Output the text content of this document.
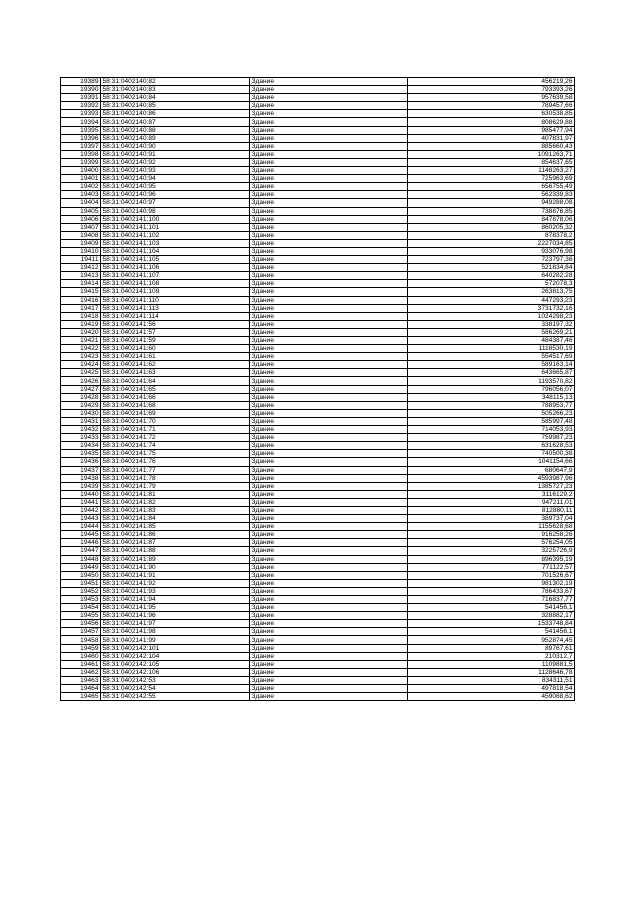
19389	58:31:0402140:82	Здание	456219,26
19390	58:31:0402140:83	Здание	793393,26
19391	58:31:0402140:84	Здание	957639,58
19392	58:31:0402140:85	Здание	789457,66
19393	58:31:0402140:86	Здание	630538,85
19394	58:31:0402140:87	Здание	808629,88
19395	58:31:0402140:88	Здание	985477,94
19396	58:31:0402140:89	Здание	407831,97
19397	58:31:0402140:90	Здание	885660,43
19398	58:31:0402140:91	Здание	1091263,71
19399	58:31:0402140:92	Здание	854637,65
19400	58:31:0402140:93	Здание	1148263,27
19401	58:31:0402140:94	Здание	725963,69
19402	58:31:0402140:95	Здание	656755,49
19403	58:31:0402140:96	Здание	562339,83
19404	58:31:0402140:97	Здание	949288,08
19405	58:31:0402140:98	Здание	738876,85
19406	58:31:0402141:100	Здание	847878,06
19407	58:31:0402141:101	Здание	860205,32
19408	58:31:0402141:102	Здание	878378,2
19409	58:31:0402141:103	Здание	2227034,85
19410	58:31:0402141:104	Здание	933076,98
19411	58:31:0402141:105	Здание	723797,36
19412	58:31:0402141:106	Здание	521834,84
19413	58:31:0402141:107	Здание	640282,28
19414	58:31:0402141:108	Здание	572078,3
19415	58:31:0402141:109	Здание	263813,75
19416	58:31:0402141:110	Здание	447293,23
19417	58:31:0402141:113	Здание	3731732,16
19418	58:31:0402141:114	Здание	1024298,23
19419	58:31:0402141:56	Здание	338197,32
19420	58:31:0402141:57	Здание	586269,21
19421	58:31:0402141:59	Здание	484387,46
19422	58:31:0402141:60	Здание	1118530,19
19423	58:31:0402141:61	Здание	554517,69
19424	58:31:0402141:62	Здание	589163,14
19425	58:31:0402141:63	Здание	643665,87
19426	58:31:0402141:64	Здание	1193570,82
19427	58:31:0402141:65	Здание	796056,07
19428	58:31:0402141:66	Здание	348115,13
19429	58:31:0402141:68	Здание	788953,77
19430	58:31:0402141:69	Здание	505266,23
19431	58:31:0402141:70	Здание	585997,48
19432	58:31:0402141:71	Здание	714053,93
19433	58:31:0402141:72	Здание	759987,23
19434	58:31:0402141:74	Здание	631628,53
19435	58:31:0402141:75	Здание	740500,38
19436	58:31:0402141:76	Здание	1041154,66
19437	58:31:0402141:77	Здание	680647,9
19438	58:31:0402141:78	Здание	4593987,96
19439	58:31:0402141:79	Здание	1385727,23
19440	58:31:0402141:81	Здание	3116129,2
19441	58:31:0402141:82	Здание	947211,01
19442	58:31:0402141:83	Здание	812880,11
19443	58:31:0402141:84	Здание	389737,04
19444	58:31:0402141:85	Здание	1155628,68
19445	58:31:0402141:86	Здание	916258,26
19446	58:31:0402141:87	Здание	576254,05
19447	58:31:0402141:88	Здание	3225726,9
19448	58:31:0402141:89	Здание	896395,19
19449	58:31:0402141:90	Здание	771122,57
19450	58:31:0402141:91	Здание	701526,67
19451	58:31:0402141:92	Здание	981302,19
19452	58:31:0402141:93	Здание	786433,67
19453	58:31:0402141:94	Здание	716837,77
19454	58:31:0402141:95	Здание	541456,1
19455	58:31:0402141:96	Здание	328882,17
19456	58:31:0402141:97	Здание	1533748,84
19457	58:31:0402141:98	Здание	541456,1
19458	58:31:0402141:99	Здание	952874,45
19459	58:31:0402142:101	Здание	89767,61
19460	58:31:0402142:104	Здание	210312,7
19461	58:31:0402142:105	Здание	1109881,5
19462	58:31:0402142:106	Здание	1128646,78
19463	58:31:0402142:53	Здание	834311,51
19464	58:31:0402142:54	Здание	497818,54
19465	58:31:0402142:55	Здание	459088,62
